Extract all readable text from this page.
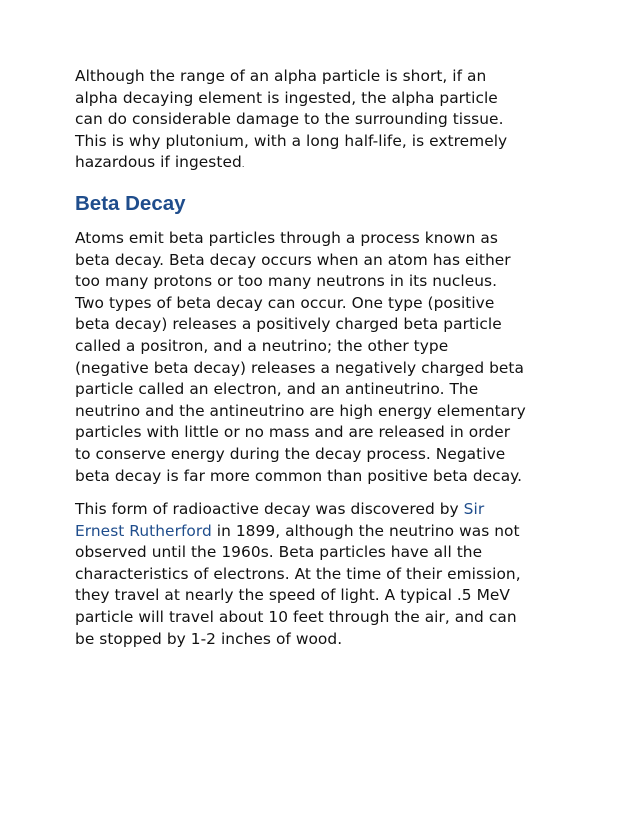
Although the range of an alpha particle is short, if an
alpha decaying element is ingested, the alpha particle
can do considerable damage to the surrounding tissue.
This is why plutonium, with a long half-life, is extremely
hazardous if ingested.

Beta Decay

Atoms emit beta particles through a process known as
beta decay. Beta decay occurs when an atom has either
too many protons or too many neutrons in its nucleus.
Two types of beta decay can occur. One type (positive
beta decay) releases a positively charged beta particle
called a positron, and a neutrino; the other type
(negative beta decay) releases a negatively charged beta
particle called an electron, and an antineutrino. The
neutrino and the antineutrino are high energy elementary
particles with little or no mass and are released in order
to conserve energy during the decay process. Negative
beta decay is far more common than positive beta decay.

This form of radioactive decay was discovered by Sir
Ernest Rutherford in 1899, although the neutrino was not
observed until the 1960s. Beta particles have all the
characteristics of electrons. At the time of their emission,
they travel at nearly the speed of light. A typical .5 MeV
particle will travel about 10 feet through the air, and can
be stopped by 1-2 inches of wood.
